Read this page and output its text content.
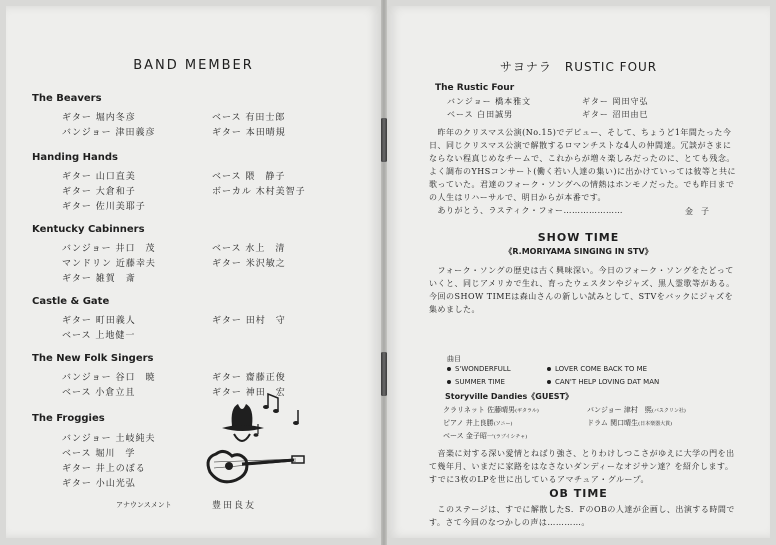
BAND MEMBER
The Beavers
ギター 堀内冬彦	ベース 有田士郎
バンジョー 津田義彦	ギター 本田晴規
Handing Hands
ギター 山口直美	ベース 隈　静子
ギター 大倉和子	ボーカル 木村美智子
ギター 佐川美耶子
Kentucky Cabinners
バンジョー 井口　茂	ベース 水上　清
マンドリン 近藤幸夫	ギター 米沢敏之
ギター 雑賀　斎
Castle & Gate
ギター 町田義人	ギター 田村　守
ベース 上地健一
The New Folk Singers
バンジョー 谷口　暁	ギター 齋藤正俊
ベース 小倉立且	ギター 神田　宏
The Froggies
バンジョー 土岐純夫
ベース 堀川　学
ギター 井上のぼる
ギター 小山光弘
アナウンスメント	豊田良友
サヨナラ　RUSTIC FOUR
The Rustic Four
バンジョー 橋本雅文	ギター 岡田守弘
ベース 白田誠男	ギター 沼田由巳

　昨年のクリスマス公演(No.15)でデビュー、そして、ちょうど1年間たった今日、同じクリスマス公演で解散するロマンチストな4人の仲間達。冗談がさまにならない程真じめなチームで、これからが増々楽しみだったのに、とても残念。よく調布のYHSコンサート(働く若い人達の集い)に出かけていっては彼等と共に歌っていた。君達のフォーク・ソングへの情熱はホンモノだった。でも昨日までの人生はリハーサルで、明日からが本番です。

　ありがとう、ラスティク・フォー…………………	金　子
SHOW TIME
《R.MORIYAMA SINGING IN STV》

　フォーク・ソングの歴史は古く興味深い。今日のフォーク・ソングをたどっていくと、同じアメリカで生れ、育ったウェスタンやジャズ、黒人霊歌等がある。今回のSHOW TIMEは森山さんの新しい試みとして、STVをバックにジャズを集めました。

曲目
S'WONDERFULL	LOVER COME BACK TO ME
SUMMER TIME	CAN'T HELP LOVING DAT MAN
Storyville Dandies《GUEST》
クラリネット 佐藤晴男(ギタラル)	バンジョー 津村　煕(バスクリン社)
ピアノ 井上良勝(ソニー)	ドラム 関口晴生(日本楽器大貫)
ベース 金子昭一(ラブイシチャ)

　音楽に対する深い愛情とねばり強さ、とりわけしつこさがゆえに大学の門を出て幾年月、いまだに家路をはなさないダンディーなオジサン達？を紹介します。すでに3枚のLPを世に出しているアマチュア・グループ。

OB TIME

　このステージは、すでに解散したS．FのOBの人達が企画し、出演する時間です。さて今回のなつかしの声は…………。
